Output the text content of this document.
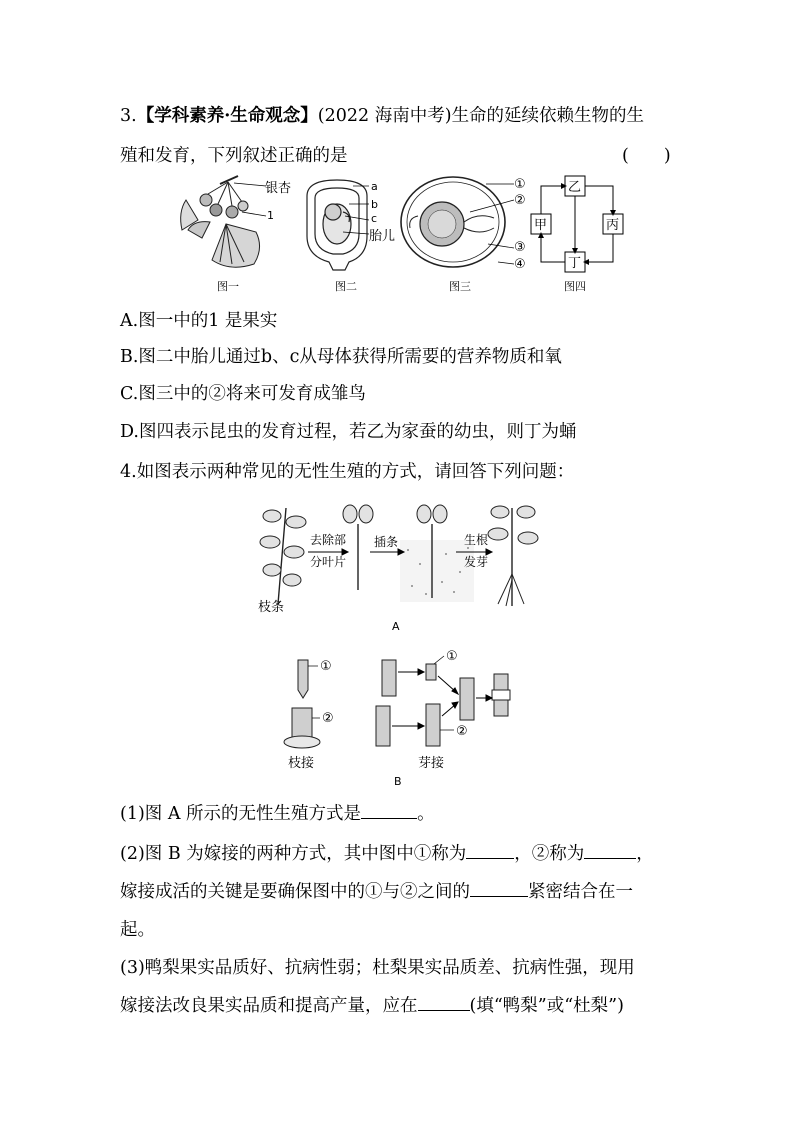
3.【学科素养·生命观念】(2022 海南中考)生命的延续依赖生物的生
殖和发育，下列叙述正确的是	(　　)
1
银杏
图一
a
b
c
胎儿
图二
①
②
③
④
图三
乙
甲	丙
丁
图四
A.图一中的1 是果实
B.图二中胎儿通过b、c从母体获得所需要的营养物质和氧
C.图三中的②将来可发育成雏鸟
D.图四表示昆虫的发育过程，若乙为家蚕的幼虫，则丁为蛹
4.如图表示两种常见的无性生殖的方式，请回答下列问题：
去除部
分叶片
插条	生根
发芽
枝条
A
①
②
①
②
枝接	芽接
B
(1)图 A 所示的无性生殖方式是	。
(2)图 B 为嫁接的两种方式，其中图中①称为	，②称为	，
嫁接成活的关键是要确保图中的①与②之间的	紧密结合在一
起。
(3)鸭梨果实品质好、抗病性弱；杜梨果实品质差、抗病性强，现用
嫁接法改良果实品质和提高产量，应在	(填“鸭梨”或“杜梨”)
